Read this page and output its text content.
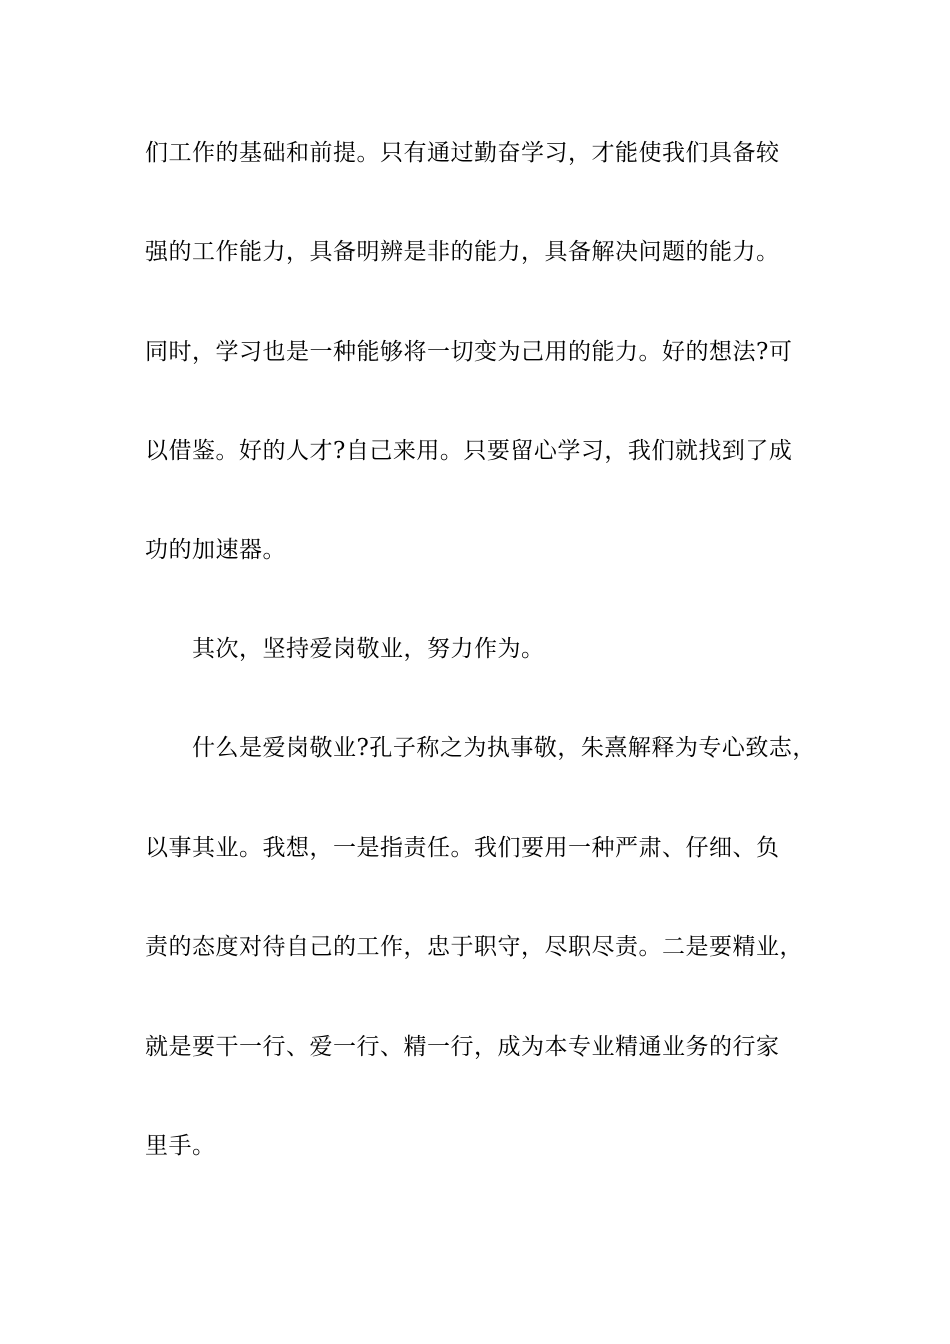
们工作的基础和前提。只有通过勤奋学习，才能使我们具备较
强的工作能力，具备明辨是非的能力，具备解决问题的能力。
同时，学习也是一种能够将一切变为己用的能力。好的想法?可
以借鉴。好的人才?自己来用。只要留心学习，我们就找到了成
功的加速器。
其次，坚持爱岗敬业，努力作为。
什么是爱岗敬业?孔子称之为执事敬，朱熹解释为专心致志，
以事其业。我想，一是指责任。我们要用一种严肃、仔细、负
责的态度对待自己的工作，忠于职守，尽职尽责。二是要精业，
就是要干一行、爱一行、精一行，成为本专业精通业务的行家
里手。
